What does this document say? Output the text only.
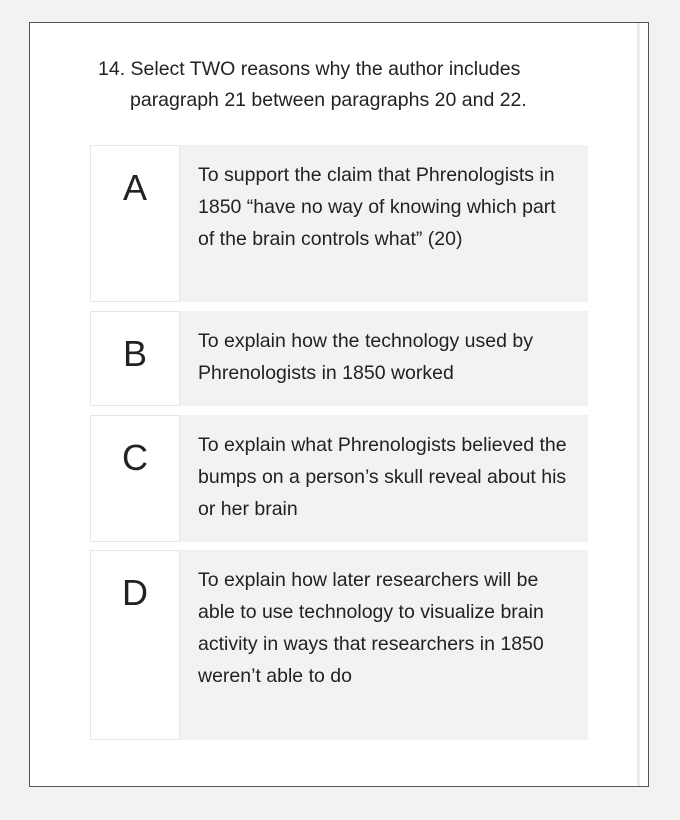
14. Select TWO reasons why the author includes
paragraph 21 between paragraphs 20 and 22.
A	To support the claim that Phrenologists in 1850 “have no way of knowing which part of the brain controls what” (20)
B	To explain how the technology used by Phrenologists in 1850 worked
C	To explain what Phrenologists believed the bumps on a person’s skull reveal about his or her brain
D	To explain how later researchers will be able to use technology to visualize brain activity in ways that researchers in 1850 weren’t able to do
